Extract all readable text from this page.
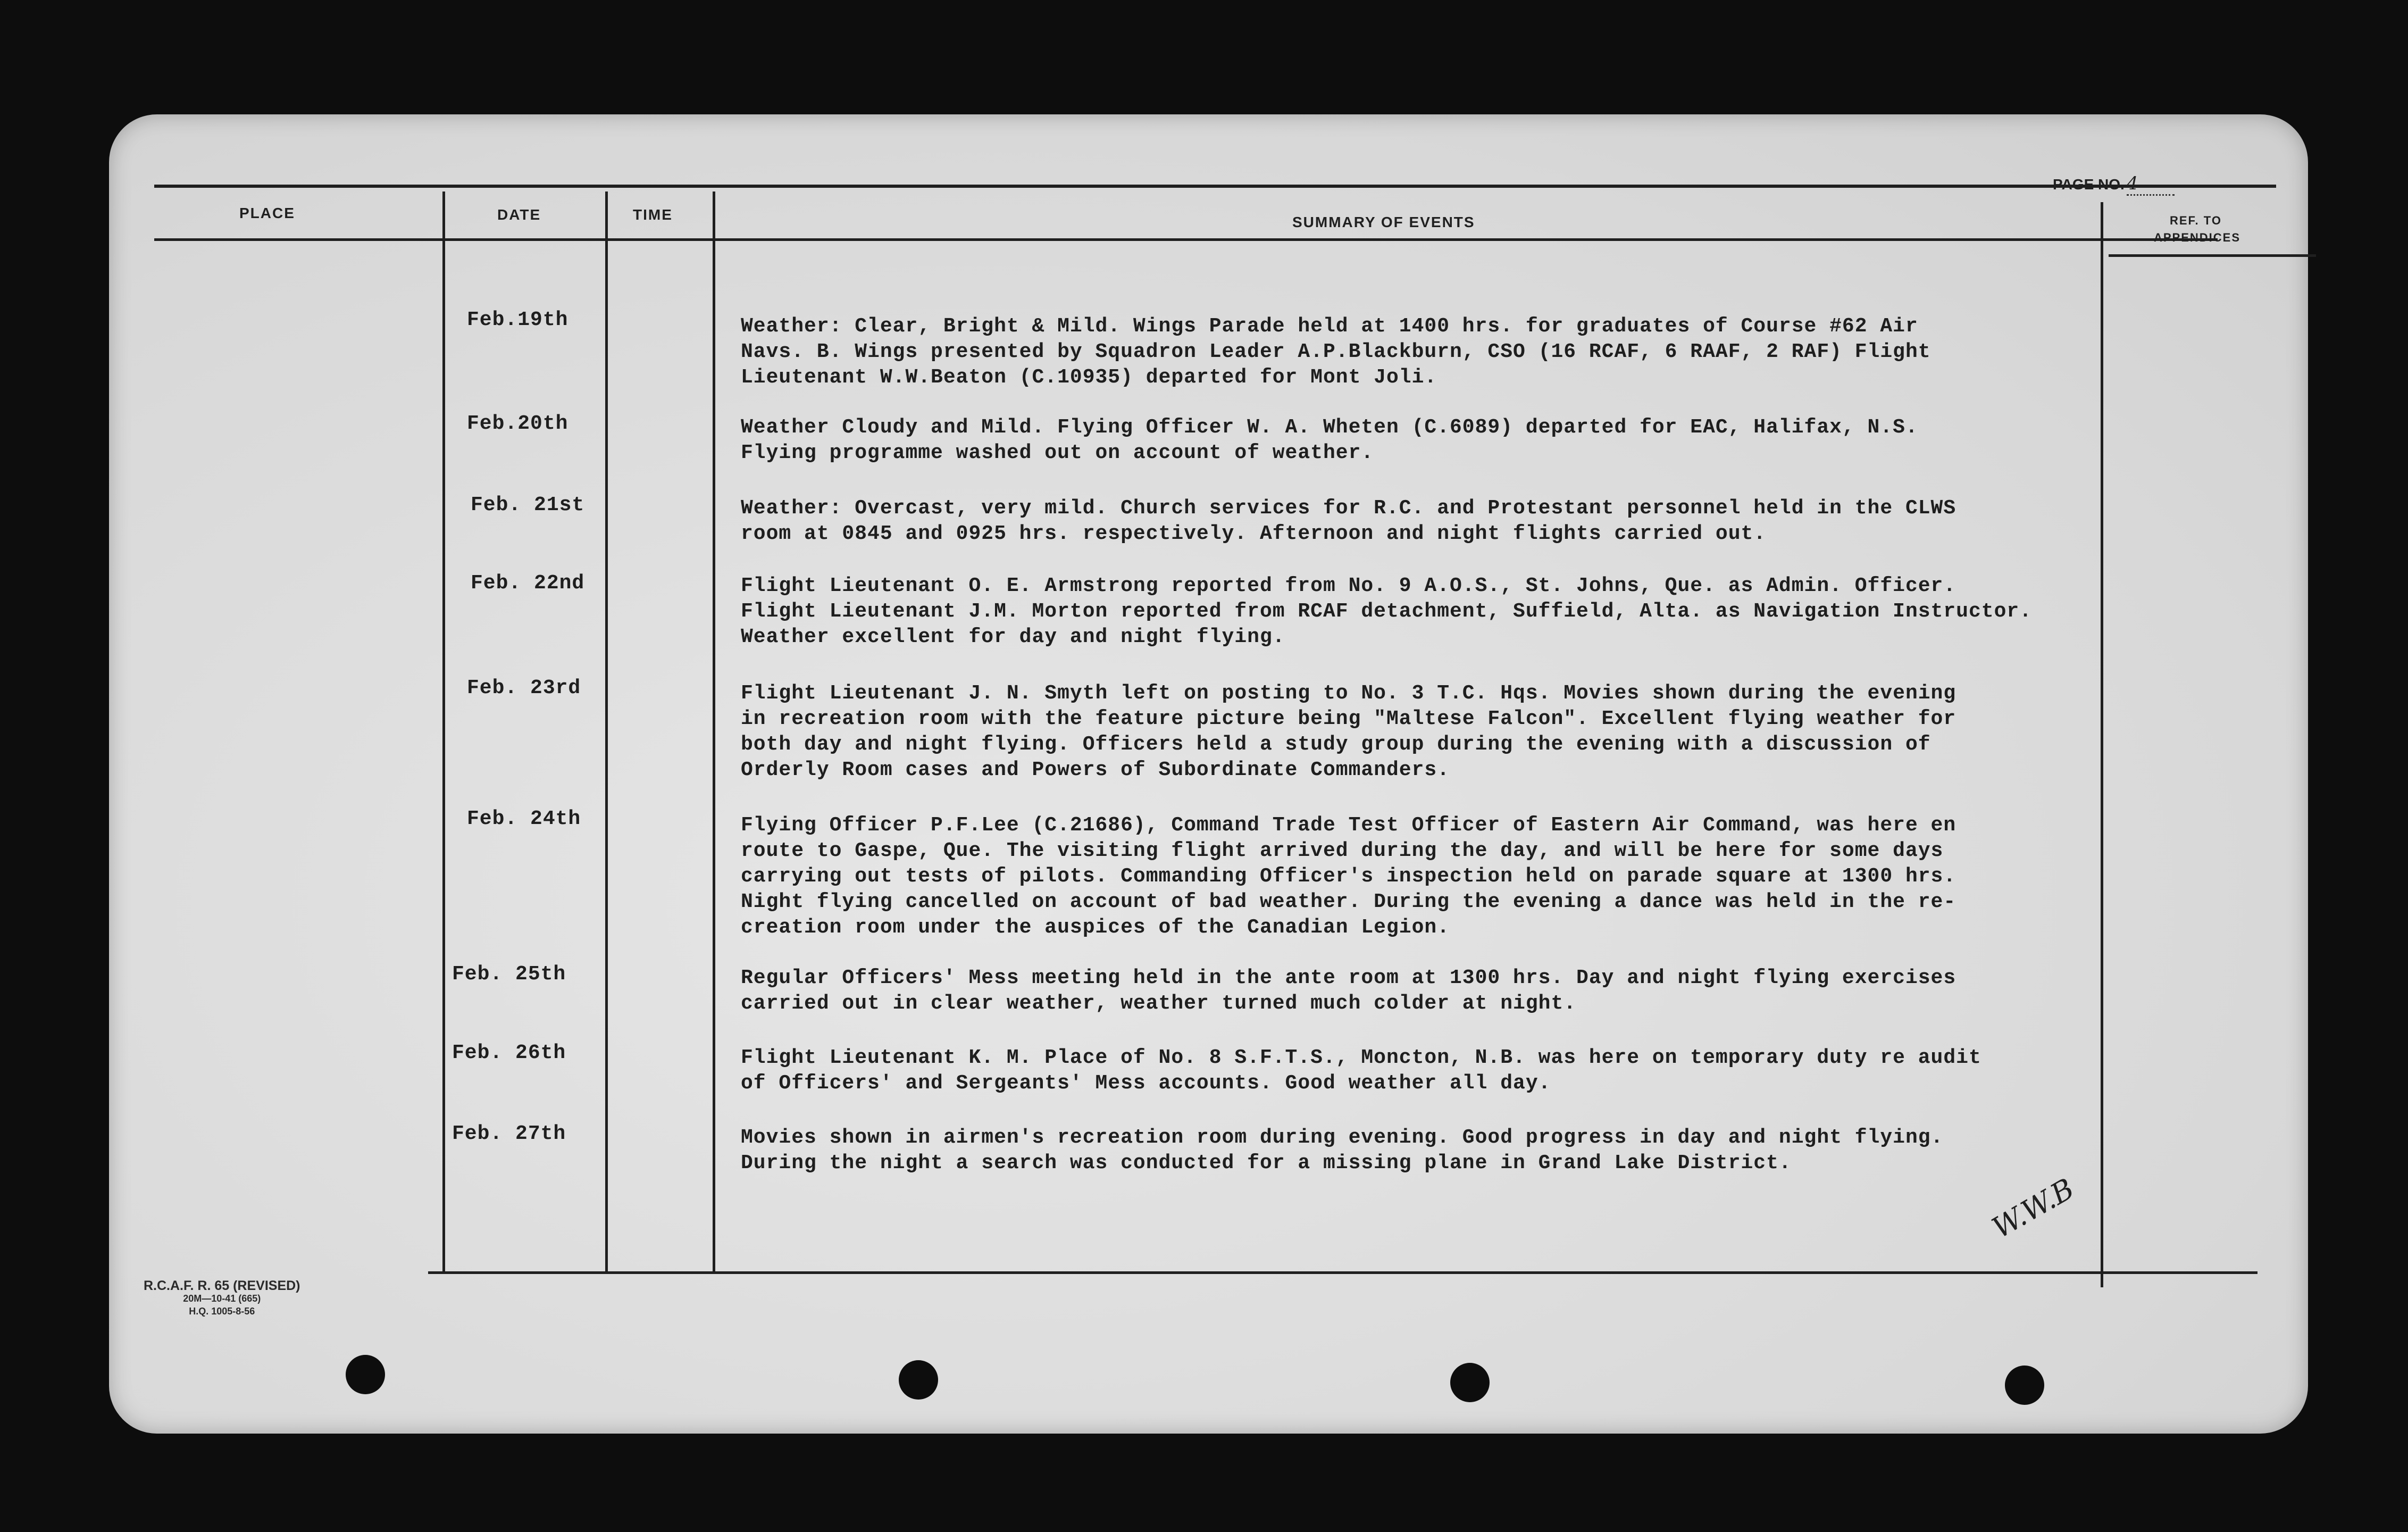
PAGE NO. 4
PLACE	DATE	TIME	SUMMARY OF EVENTS	REF. TO
APPENDICES
Feb.19th	Weather: Clear, Bright & Mild. Wings Parade held at 1400 hrs. for graduates of Course #62 Air
Navs. B. Wings presented by Squadron Leader A.P.Blackburn, CSO (16 RCAF, 6 RAAF, 2 RAF) Flight
Lieutenant W.W.Beaton (C.10935) departed for Mont Joli.
Feb.20th	Weather Cloudy and Mild. Flying Officer W. A. Wheten (C.6089) departed for EAC, Halifax, N.S.
Flying programme washed out on account of weather.
Feb. 21st	Weather: Overcast, very mild. Church services for R.C. and Protestant personnel held in the CLWS
room at 0845 and 0925 hrs. respectively. Afternoon and night flights carried out.
Feb. 22nd	Flight Lieutenant O. E. Armstrong reported from No. 9 A.O.S., St. Johns, Que. as Admin. Officer.
Flight Lieutenant J.M. Morton reported from RCAF detachment, Suffield, Alta. as Navigation Instructor.
Weather excellent for day and night flying.
Feb. 23rd	Flight Lieutenant J. N. Smyth left on posting to No. 3 T.C. Hqs. Movies shown during the evening
in recreation room with the feature picture being "Maltese Falcon". Excellent flying weather for
both day and night flying. Officers held a study group during the evening with a discussion of
Orderly Room cases and Powers of Subordinate Commanders.
Feb. 24th	Flying Officer P.F.Lee (C.21686), Command Trade Test Officer of Eastern Air Command, was here en
route to Gaspe, Que. The visiting flight arrived during the day, and will be here for some days
carrying out tests of pilots. Commanding Officer's inspection held on parade square at 1300 hrs.
Night flying cancelled on account of bad weather. During the evening a dance was held in the re-
creation room under the auspices of the Canadian Legion.
Feb. 25th	Regular Officers' Mess meeting held in the ante room at 1300 hrs. Day and night flying exercises
carried out in clear weather, weather turned much colder at night.
Feb. 26th	Flight Lieutenant K. M. Place of No. 8 S.F.T.S., Moncton, N.B. was here on temporary duty re audit
of Officers' and Sergeants' Mess accounts. Good weather all day.
Feb. 27th	Movies shown in airmen's recreation room during evening. Good progress in day and night flying.
During the night a search was conducted for a missing plane in Grand Lake District.
W.W.B
R.C.A.F. R. 65 (REVISED)
20M—10-41 (665)
H.Q. 1005-8-56
